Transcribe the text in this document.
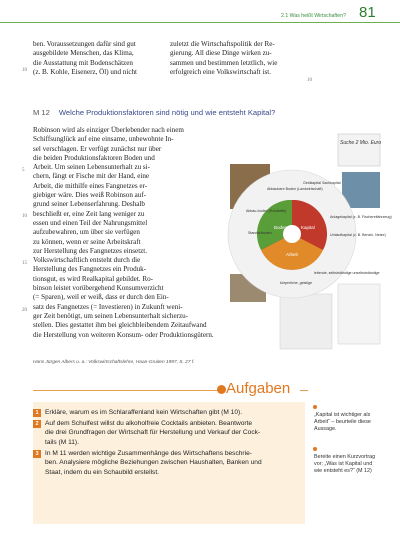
2.1 Was heißt Wirtschaften? 81
ben. Voraussetzungen dafür sind gut
ausgebildete Menschen, das Klima,
die Ausstattung mit Bodenschätzen
(z. B. Kohle, Eisenerz, Öl) und nicht
10
zuletzt die Wirtschaftspolitik der Re-
gierung. All diese Dinge wirken zu-
sammen und bestimmen letztlich, wie
erfolgreich eine Volkswirtschaft ist.
10
M 12 Welche Produktionsfaktoren sind nötig und wie entsteht Kapital?
Robinson wird als einziger Überlebender nach einem
Schiffsunglück auf eine einsame, unbewohnte In-
sel verschlagen. Er verfügt zunächst nur über
die beiden Produktionsfaktoren Boden und
Arbeit. Um seinen Lebensunterhalt zu si-
chern, fängt er Fische mit der Hand, eine
Arbeit, die mithilfe eines Fangnetzes er-
giebiger wäre. Dies weiß Robinson auf-
grund seiner Lebenserfahrung. Deshalb
beschließt er, eine Zeit lang weniger zu
essen und einen Teil der Nahrungsmittel
aufzubewahren, um über sie verfügen
zu können, wenn er seine Arbeitskraft
zur Herstellung des Fangnetzes einsetzt.
Volkswirtschaftlich entsteht durch die
Herstellung des Fangnetzes ein Produk-
tionsgut, es wird Realkapital gebildet. Ro-
binson leistet vorübergehend Konsumverzicht
(= Sparen), weil er weiß, dass er durch den Ein-
satz des Fangnetzes (= Investieren) in Zukunft weni-
ger Zeit benötigt, um seinen Lebensunterhalt sicherzu-
stellen. Dies gestattet ihm bei gleichbleibendem Zeitaufwand
die Herstellung von weiteren Konsum- oder Produktionsgütern.
5
10
15
20
Hans Jürgen Albers u. a.: Volkswirtschaftslehre, Haan-Gruiten 1997, S. 27 f.
Boden	Kapital
Arbeit
Suche 2 Mio. Euro
Abbaubare Boden (Landwirtschaft)
Geldkapital Sachkapital
Abbau-boden (Rohstoffe)
Standortboden
Anlagekapital (z. B. Fischereifahrzeug)
Umlaufkapital (z. B. Benzin, Netze)
körperliche, geistige
leitende, selbstständige unselbstständige
Aufgaben
1 Erkläre, warum es im Schlaraffenland kein Wirtschaften gibt (M 10).
2 Auf dem Schulfest willst du alkoholfreie Cocktails anbieten. Beantworte
die drei Grundfragen der Wirtschaft für Herstellung und Verkauf der Cock-
tails (M 11).
3 In M 11 werden wichtige Zusammenhänge des Wirtschaftens beschrie-
ben. Analysiere mögliche Beziehungen zwischen Haushalten, Banken und
Staat, indem du ein Schaubild erstellst.
„Kapital ist wichtiger als
Arbeit“ – beurteile diese
Aussage.
Bereite einen Kurzvortrag
vor: „Was ist Kapital und
wie entsteht es?“ (M 12)
